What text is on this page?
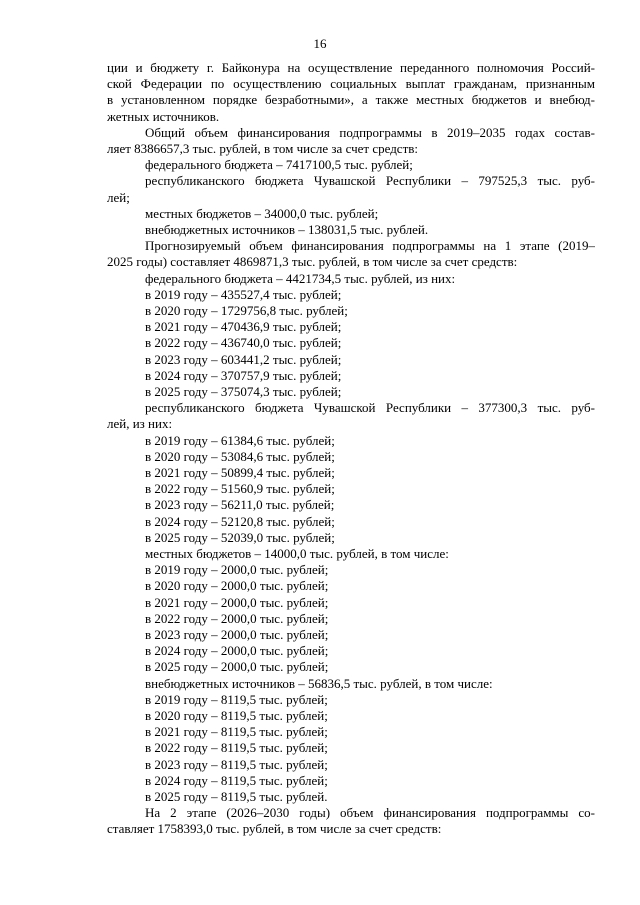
16
ции и бюджету г. Байконура на осуществление переданного полномочия Россий-
ской Федерации по осуществлению социальных выплат гражданам, признанным
в установленном порядке безработными», а также местных бюджетов и внебюд-
жетных источников.
Общий объем финансирования подпрограммы в 2019–2035 годах состав-
ляет 8386657,3 тыс. рублей, в том числе за счет средств:
федерального бюджета – 7417100,5 тыс. рублей;
республиканского бюджета Чувашской Республики – 797525,3 тыс. руб-
лей;
местных бюджетов – 34000,0 тыс. рублей;
внебюджетных источников – 138031,5 тыс. рублей.
Прогнозируемый объем финансирования подпрограммы на 1 этапе (2019–
2025 годы) составляет 4869871,3 тыс. рублей, в том числе за счет средств:
федерального бюджета – 4421734,5 тыс. рублей, из них:
в 2019 году – 435527,4 тыс. рублей;
в 2020 году – 1729756,8 тыс. рублей;
в 2021 году – 470436,9 тыс. рублей;
в 2022 году – 436740,0 тыс. рублей;
в 2023 году – 603441,2 тыс. рублей;
в 2024 году – 370757,9 тыс. рублей;
в 2025 году – 375074,3 тыс. рублей;
республиканского бюджета Чувашской Республики – 377300,3 тыс. руб-
лей, из них:
в 2019 году – 61384,6 тыс. рублей;
в 2020 году – 53084,6 тыс. рублей;
в 2021 году – 50899,4 тыс. рублей;
в 2022 году – 51560,9 тыс. рублей;
в 2023 году – 56211,0 тыс. рублей;
в 2024 году – 52120,8 тыс. рублей;
в 2025 году – 52039,0 тыс. рублей;
местных бюджетов – 14000,0 тыс. рублей, в том числе:
в 2019 году – 2000,0 тыс. рублей;
в 2020 году – 2000,0 тыс. рублей;
в 2021 году – 2000,0 тыс. рублей;
в 2022 году – 2000,0 тыс. рублей;
в 2023 году – 2000,0 тыс. рублей;
в 2024 году – 2000,0 тыс. рублей;
в 2025 году – 2000,0 тыс. рублей;
внебюджетных источников – 56836,5 тыс. рублей, в том числе:
в 2019 году – 8119,5 тыс. рублей;
в 2020 году – 8119,5 тыс. рублей;
в 2021 году – 8119,5 тыс. рублей;
в 2022 году – 8119,5 тыс. рублей;
в 2023 году – 8119,5 тыс. рублей;
в 2024 году – 8119,5 тыс. рублей;
в 2025 году – 8119,5 тыс. рублей.
На 2 этапе (2026–2030 годы) объем финансирования подпрограммы со-
ставляет 1758393,0 тыс. рублей, в том числе за счет средств:
